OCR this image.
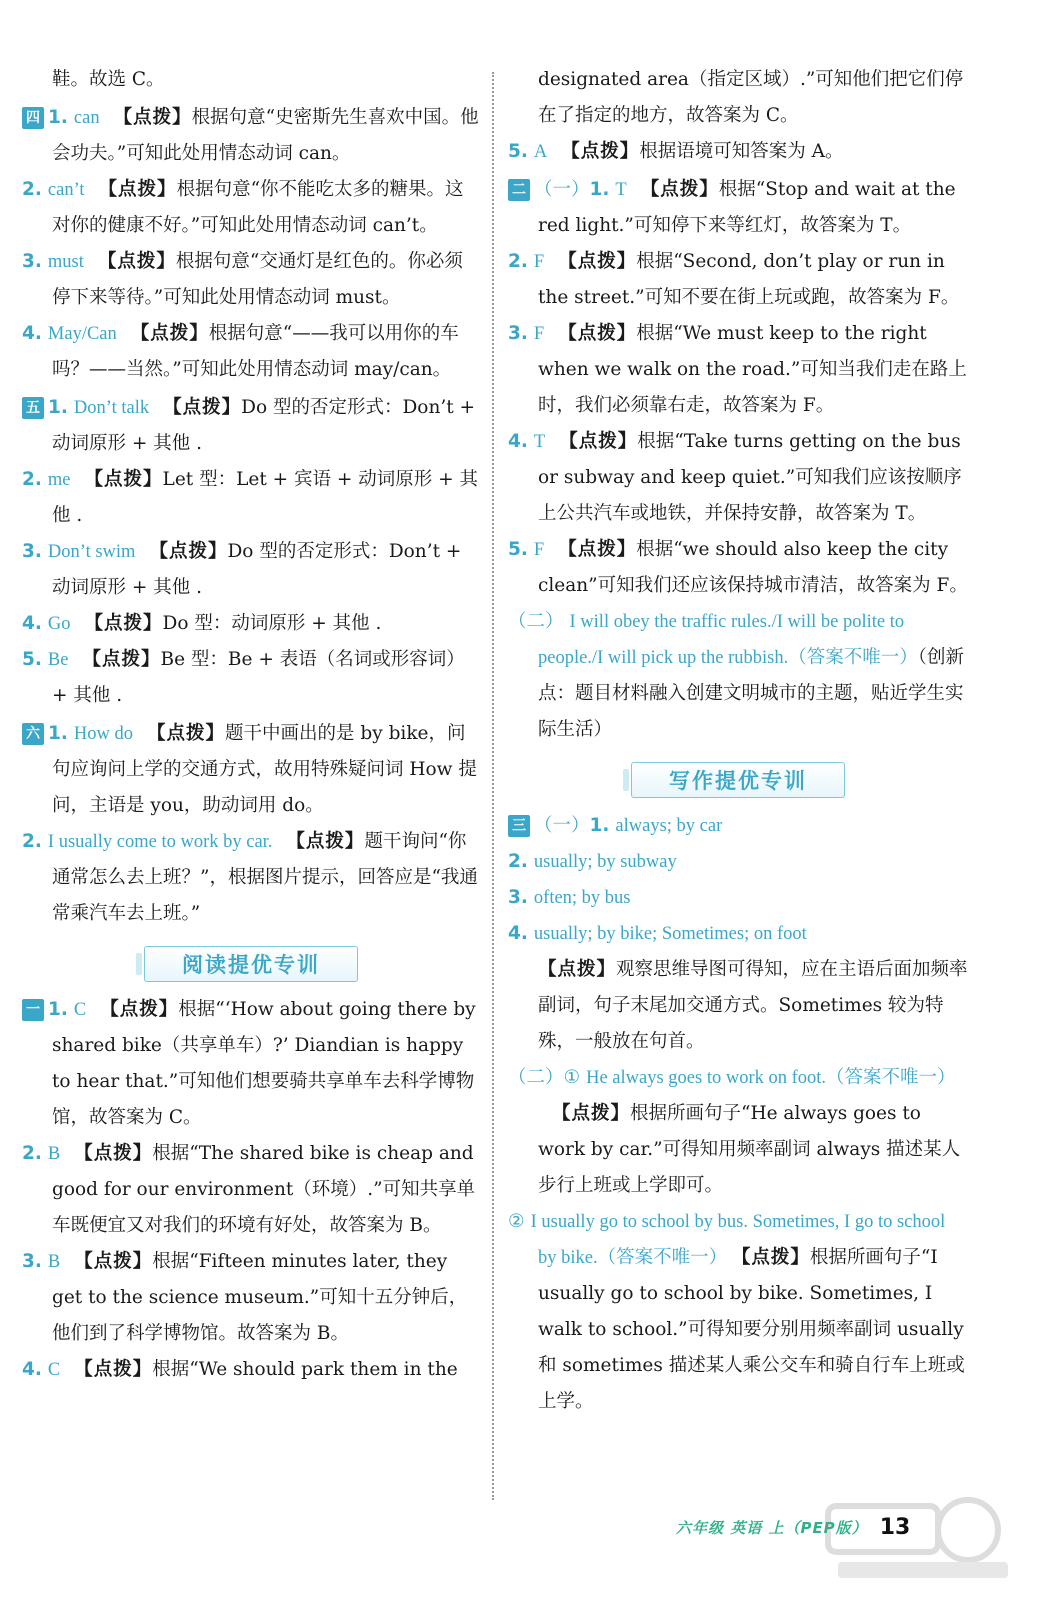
鞋。故选 C。
四 1. can 【点拨】根据句意“史密斯先生喜欢中国。他会功夫。”可知此处用情态动词 can。
2. can’t 【点拨】根据句意“你不能吃太多的糖果。这对你的健康不好。”可知此处用情态动词 can’t。
3. must 【点拨】根据句意“交通灯是红色的。你必须停下来等待。”可知此处用情态动词 must。
4. May/Can 【点拨】根据句意“——我可以用你的车吗？——当然。”可知此处用情态动词 may/can。
五 1. Don’t talk 【点拨】Do 型的否定形式：Don’t + 动词原形 + 其他 .
2. me 【点拨】Let 型：Let + 宾语 + 动词原形 + 其他 .
3. Don’t swim 【点拨】Do 型的否定形式：Don’t + 动词原形 + 其他 .
4. Go 【点拨】Do 型：动词原形 + 其他 .
5. Be 【点拨】Be 型：Be + 表语（名词或形容词）+ 其他 .
六 1. How do 【点拨】题干中画出的是 by bike，问句应询问上学的交通方式，故用特殊疑问词 How 提问，主语是 you，助动词用 do。
2. I usually come to work by car. 【点拨】题干询问“你通常怎么去上班？”，根据图片提示，回答应是“我通常乘汽车去上班。”
阅读提优专训
一 1. C 【点拨】根据“‘How about going there by shared bike（共享单车）?’ Diandian is happy to hear that.”可知他们想要骑共享单车去科学博物馆，故答案为 C。
2. B 【点拨】根据“The shared bike is cheap and good for our environment（环境）.”可知共享单车既便宜又对我们的环境有好处，故答案为 B。
3. B 【点拨】根据“Fifteen minutes later, they get to the science museum.”可知十五分钟后，他们到了科学博物馆。故答案为 B。
4. C 【点拨】根据“We should park them in the
designated area（指定区域）.”可知他们把它们停在了指定的地方，故答案为 C。
5. A 【点拨】根据语境可知答案为 A。
二 （一）1. T 【点拨】根据“Stop and wait at the red light.”可知停下来等红灯，故答案为 T。
2. F 【点拨】根据“Second, don’t play or run in the street.”可知不要在街上玩或跑，故答案为 F。
3. F 【点拨】根据“We must keep to the right when we walk on the road.”可知当我们走在路上时，我们必须靠右走，故答案为 F。
4. T 【点拨】根据“Take turns getting on the bus or subway and keep quiet.”可知我们应该按顺序上公共汽车或地铁，并保持安静，故答案为 T。
5. F 【点拨】根据“we should also keep the city clean”可知我们还应该保持城市清洁，故答案为 F。
（二） I will obey the traffic rules./I will be polite to people./I will pick up the rubbish.（答案不唯一）（创新点：题目材料融入创建文明城市的主题，贴近学生实际生活）
写作提优专训
三 （一）1. always; by car
2. usually; by subway
3. often; by bus
4. usually; by bike; Sometimes; on foot
【点拨】观察思维导图可得知，应在主语后面加频率副词，句子末尾加交通方式。Sometimes 较为特殊，一般放在句首。
（二）① He always goes to work on foot.（答案不唯一）【点拨】根据所画句子“He always goes to work by car.”可得知用频率副词 always 描述某人步行上班或上学即可。
② I usually go to school by bus. Sometimes, I go to school by bike.（答案不唯一） 【点拨】根据所画句子“I usually go to school by bike. Sometimes, I walk to school.”可得知要分别用频率副词 usually 和 sometimes 描述某人乘公交车和骑自行车上班或上学。
六年级 英语 上（PEP版） 13
